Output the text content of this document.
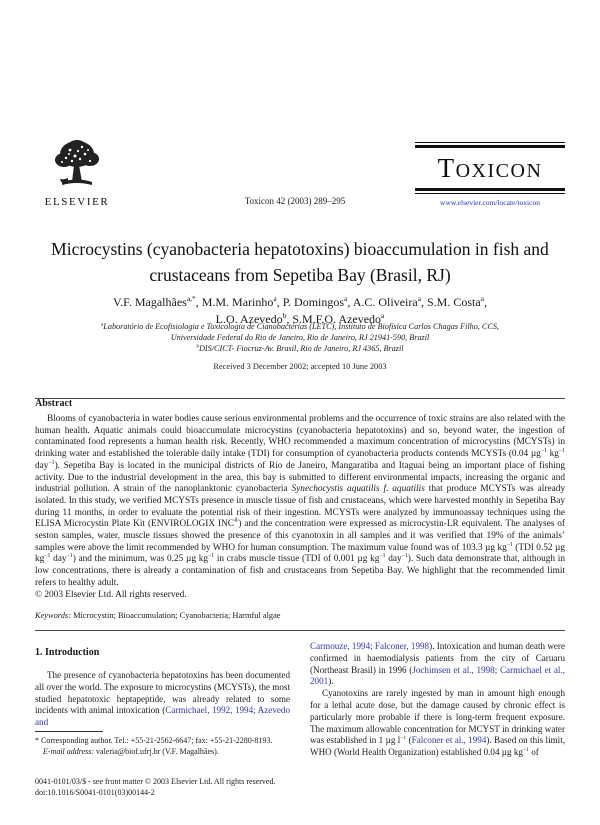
ELSEVIER	Toxicon 42 (2003) 289–295
TOXICON
www.elsevier.com/locate/toxicon
Microcystins (cyanobacteria hepatotoxins) bioaccumulation in fish and crustaceans from Sepetiba Bay (Brasil, RJ)
V.F. Magalhães$^{a,*}$, M.M. Marinho$^a$, P. Domingos$^a$, A.C. Oliveira$^a$, S.M. Costa$^a$,
L.O. Azevedo$^b$, S.M.F.O. Azevedo$^a$
$^a$Laboratório de Ecofisiologia e Toxicologia de Cianobactérias (LETC), Instituto de Biofísica Carlos Chagas Filho, CCS,
Universidade Federal do Rio de Janeiro, Rio de Janeiro, RJ 21941-590, Brazil
$^b$DIS/CICT- Fiocruz-Av. Brasil, Rio de Janeiro, RJ 4365, Brazil
Received 3 December 2002; accepted 10 June 2003
Abstract

Blooms of cyanobacteria in water bodies cause serious environmental problems and the occurrence of toxic strains are also related with the human health. Aquatic animals could bioaccumulate microcystins (cyanobacteria hepatotoxins) and so, beyond water, the ingestion of contaminated food represents a human health risk. Recently, WHO recommended a maximum concentration of microcystins (MCYSTs) in drinking water and established the tolerable daily intake (TDI) for consumption of cyanobacteria products contends MCYSTs (0.04 µg$^{-1}$ $kg^{-1}$ day$^{-1}$). Sepetiba Bay is located in the municipal districts of Rio de Janeiro, Mangaratiba and Itaguaí being an important place of fishing activity. Due to the industrial development in the area, this bay is submitted to different environmental impacts, increasing the organic and industrial pollution. A strain of the nanoplanktonic cyanobacteria Synechocystis aquatilis f. aquatilis that produce MCYSTs was already isolated. In this study, we verified MCYSTs presence in muscle tissue of fish and crustaceans, which were harvested monthly in Sepetiba Bay during 11 months, in order to evaluate the potential risk of their ingestion. MCYSTs were analyzed by immunoassay techniques using the ELISA Microcystin Plate Kit (ENVIROLOGIX INC®) and the concentration were expressed as microcystin-LR equivalent. The analyses of seston samples, water, muscle tissues showed the presence of this cyanotoxin in all samples and it was verified that 19% of the animals’ samples were above the limit recommended by WHO for human consumption. The maximum value found was of 103.3 µg $kg^{-1}$ (TDI 0.52 µg $kg^{-1}$ day$^{-1}$) and the minimum, was 0.25 µg $kg^{-1}$ in crabs muscle tissue (TDI of 0.001 µg $kg^{-1}$ day$^{-1}$). Such data demonstrate that, although in low concentrations, there is already a contamination of fish and crustaceans from Sepetiba Bay. We highlight that the recommended limit refers to healthy adult.

© 2003 Elsevier Ltd. All rights reserved.

Keywords: Microcystin; Bioaccumulation; Cyanobacteria; Harmful algae
1. Introduction

The presence of cyanobacteria hepatotoxins has been documented all over the world. The exposure to microcystins (MCYSTs), the most studied hepatotoxic heptapeptide, was already related to some incidents with animal intoxication (Carmichael, 1992, 1994; Azevedo and

Carmouze, 1994; Falconer, 1998). Intoxication and human death were confirmed in haemodialysis patients from the city of Caruaru (Northeast Brasil) in 1996 (Jochimsen et al., 1998; Carmichael et al., 2001).

Cyanotoxins are rarely ingested by man in amount high enough for a lethal acute dose, but the damage caused by chronic effect is particularly more probable if there is long-term frequent exposure. The maximum allowable concentration for MCYST in drinking water was established in 1 µg $l^{-1}$ (Falconer et al., 1994). Based on this limit, WHO (World Health Organization) established 0.04 µg $kg^{-1}$ of

* Corresponding author. Tel.: +55-21-2562-6647; fax: +55-21-2280-8193.

E-mail address: valeria@biof.ufrj.br (V.F. Magalhães).

0041-0101/03/$ - see front matter © 2003 Elsevier Ltd. All rights reserved.
doi:10.1016/S0041-0101(03)00144-2
